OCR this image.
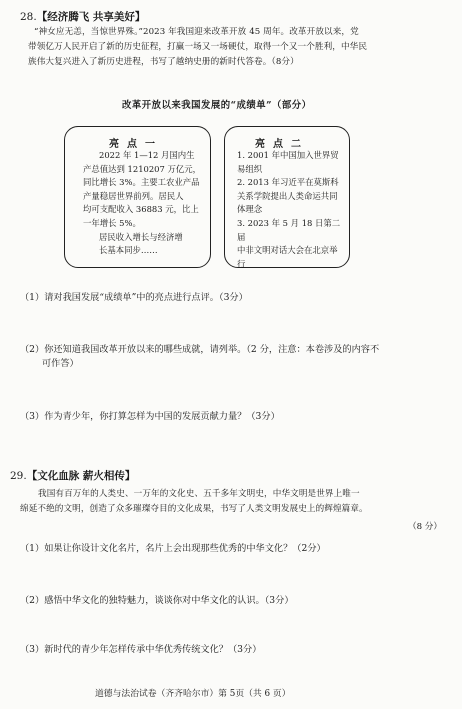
28.【经济腾飞 共享美好】
“神女应无恙，当惊世界殊。”2023 年我国迎来改革开放 45 周年。改革开放以来，党
带领亿万人民开启了新的历史征程，打赢一场又一场硬仗，取得一个又一个胜利，中华民
族伟大复兴进入了新历史进程，书写了越纳史册的新时代答卷。（8分）
改革开放以来我国发展的“成绩单”（部分）
亮点一
2022 年 1—12 月国内生
产总值达到 1210207 万亿元，
同比增长 3%。主要工农业产品
产量稳居世界前列。居民人
均可支配收入 36883 元，比上
一年增长 5%。
居民收入增长与经济增
长基本同步……
亮点二
1. 2001 年中国加入世界贸
易组织
2. 2013 年习近平在莫斯科
关系学院提出人类命运共同
体理念
3. 2023 年 5 月 18 日第二届
中非文明对话大会在北京举
行
（1）请对我国发展“成绩单”中的亮点进行点评。（3分）
（2）你还知道我国改革开放以来的哪些成就，请列举。（2 分，注意：本卷涉及的内容不
可作答）
（3）作为青少年，你打算怎样为中国的发展贡献力量？（3分）
29.【文化血脉 薪火相传】
我国有百万年的人类史、一万年的文化史、五千多年文明史，中华文明是世界上唯一
绵延不绝的文明，创造了众多璀璨夺目的文化成果，书写了人类文明发展史上的辉煌篇章。
（8 分）
（1）如果让你设计文化名片，名片上会出现那些优秀的中华文化？（2分）
（2）感悟中华文化的独特魅力，谈谈你对中华文化的认识。（3分）
（3）新时代的青少年怎样传承中华优秀传统文化？（3分）
道德与法治试卷（齐齐哈尔市）第 5页（共 6 页）
